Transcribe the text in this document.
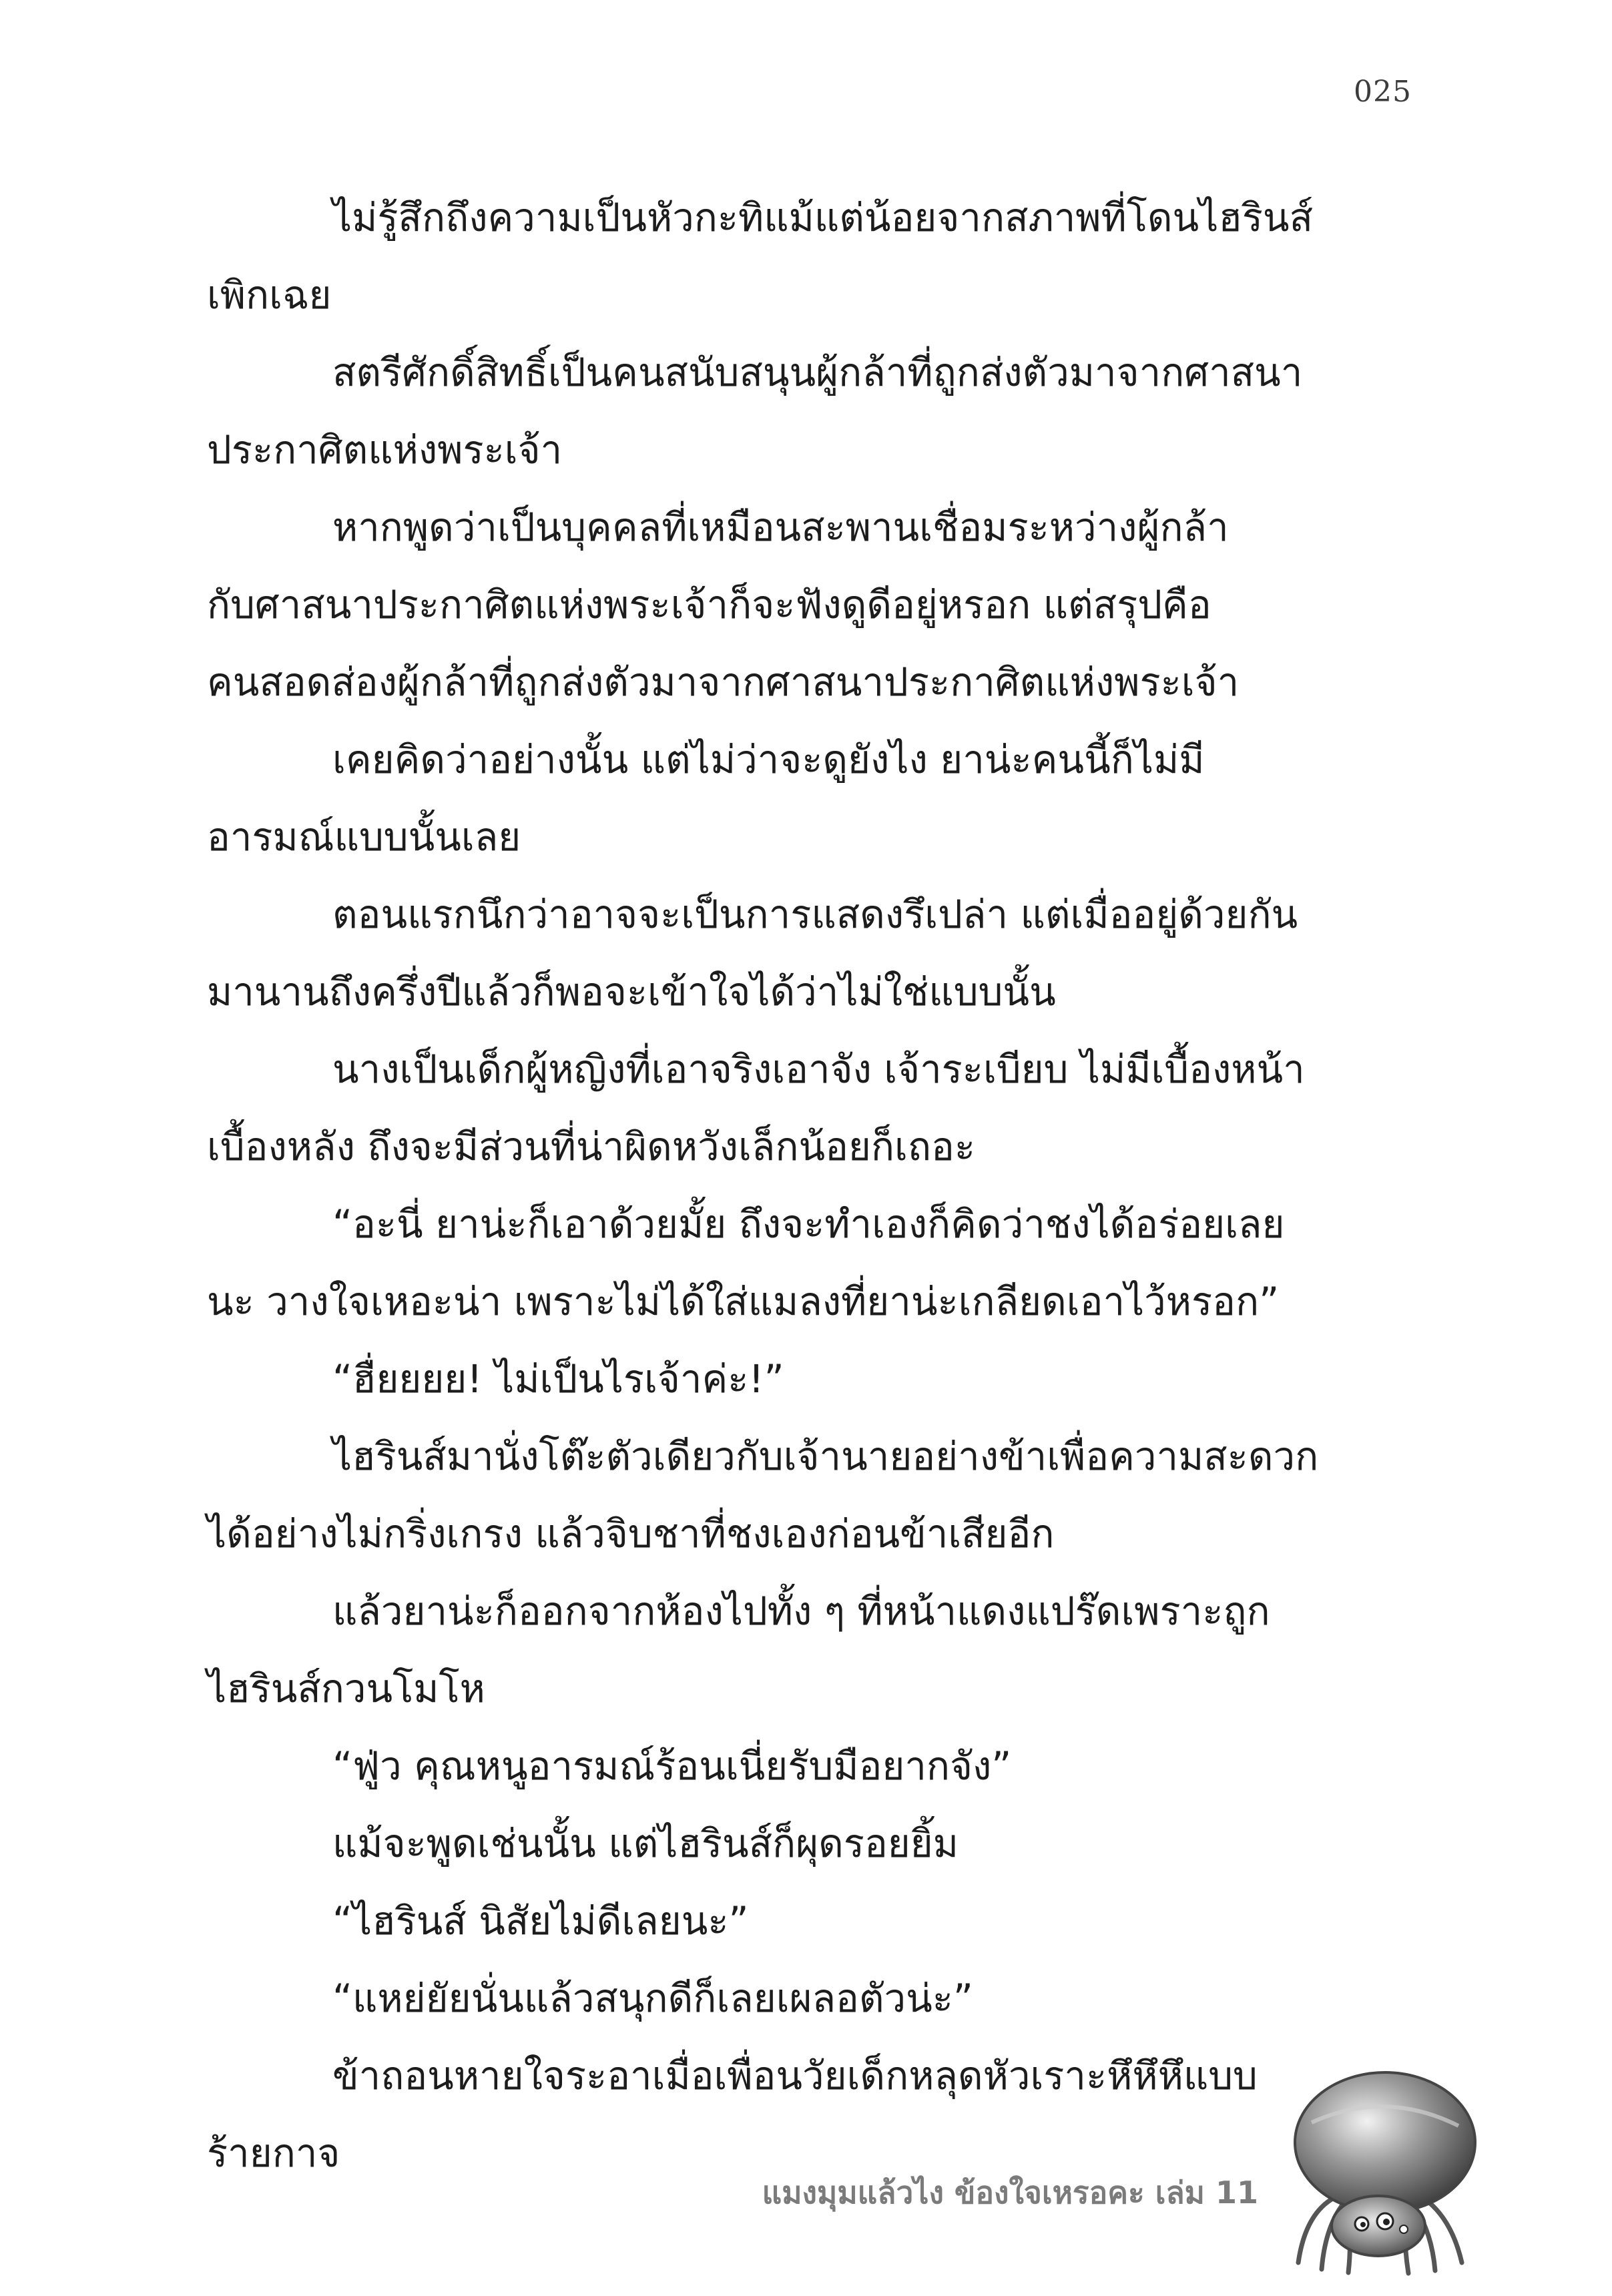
025
ไม่รู้สึกถึงความเป็นหัวกะทิแม้แต่น้อยจากสภาพที่โดนไฮรินส์
เพิกเฉย
สตรีศักดิ์สิทธิ์เป็นคนสนับสนุนผู้กล้าที่ถูกส่งตัวมาจากศาสนา
ประกาศิตแห่งพระเจ้า
หากพูดว่าเป็นบุคคลที่เหมือนสะพานเชื่อมระหว่างผู้กล้า
กับศาสนาประกาศิตแห่งพระเจ้าก็จะฟังดูดีอยู่หรอก แต่สรุปคือ
คนสอดส่องผู้กล้าที่ถูกส่งตัวมาจากศาสนาประกาศิตแห่งพระเจ้า
เคยคิดว่าอย่างนั้น แต่ไม่ว่าจะดูยังไง ยาน่ะคนนี้ก็ไม่มี
อารมณ์แบบนั้นเลย
ตอนแรกนึกว่าอาจจะเป็นการแสดงรึเปล่า แต่เมื่ออยู่ด้วยกัน
มานานถึงครึ่งปีแล้วก็พอจะเข้าใจได้ว่าไม่ใช่แบบนั้น
นางเป็นเด็กผู้หญิงที่เอาจริงเอาจัง เจ้าระเบียบ ไม่มีเบื้องหน้า
เบื้องหลัง ถึงจะมีส่วนที่น่าผิดหวังเล็กน้อยก็เถอะ
“อะนี่ ยาน่ะก็เอาด้วยมั้ย ถึงจะทำเองก็คิดว่าชงได้อร่อยเลย
นะ วางใจเหอะน่า เพราะไม่ได้ใส่แมลงที่ยาน่ะเกลียดเอาไว้หรอก”
“ฮื่ยยยย! ไม่เป็นไรเจ้าค่ะ!”
ไฮรินส์มานั่งโต๊ะตัวเดียวกับเจ้านายอย่างข้าเพื่อความสะดวก
ได้อย่างไม่กริ่งเกรง แล้วจิบชาที่ชงเองก่อนข้าเสียอีก
แล้วยาน่ะก็ออกจากห้องไปทั้ง ๆ ที่หน้าแดงแปร๊ดเพราะถูก
ไฮรินส์กวนโมโห
“ฟู่ว คุณหนูอารมณ์ร้อนเนี่ยรับมือยากจัง”
แม้จะพูดเช่นนั้น แต่ไฮรินส์ก็ผุดรอยยิ้ม
“ไฮรินส์ นิสัยไม่ดีเลยนะ”
“แหย่ยัยนั่นแล้วสนุกดีก็เลยเผลอตัวน่ะ”
ข้าถอนหายใจระอาเมื่อเพื่อนวัยเด็กหลุดหัวเราะหึหึหึแบบ
ร้ายกาจ
แมงมุมแล้วไง ข้องใจเหรอคะ เล่ม 11
